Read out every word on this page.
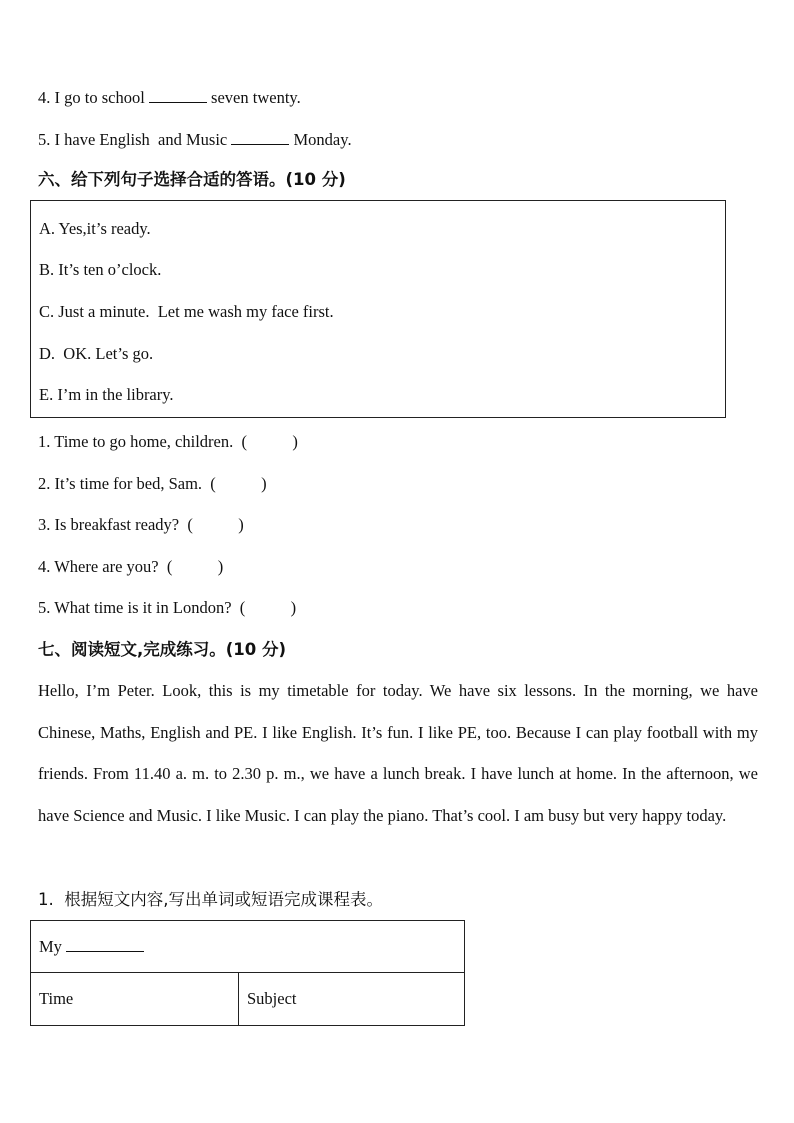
4. I go to school	seven twenty.
5. I have English  and Music	Monday.
六、给下列句子选择合适的答语。(10 分)
A. Yes,it’s ready.
B. It’s ten o’clock.
C. Just a minute.  Let me wash my face first.
D.  OK. Let’s go.
E. I’m in the library.
1. Time to go home, children.  (           )
2. It’s time for bed, Sam.  (           )
3. Is breakfast ready?  (           )
4. Where are you?  (           )
5. What time is it in London?  (           )
七、阅读短文,完成练习。(10 分)
Hello, I’m Peter. Look, this is my timetable for today. We have six lessons. In the morning, we have Chinese, Maths, English and PE. I like English. It’s fun. I like PE, too. Because I can play football with my friends. From 11.40 a. m. to 2.30 p. m., we have a lunch break. I have lunch at home. In the afternoon, we have Science and Music. I like Music. I can play the piano. That’s cool. I am busy but very happy today.
1.  根据短文内容,写出单词或短语完成课程表。
My
Time	Subject
